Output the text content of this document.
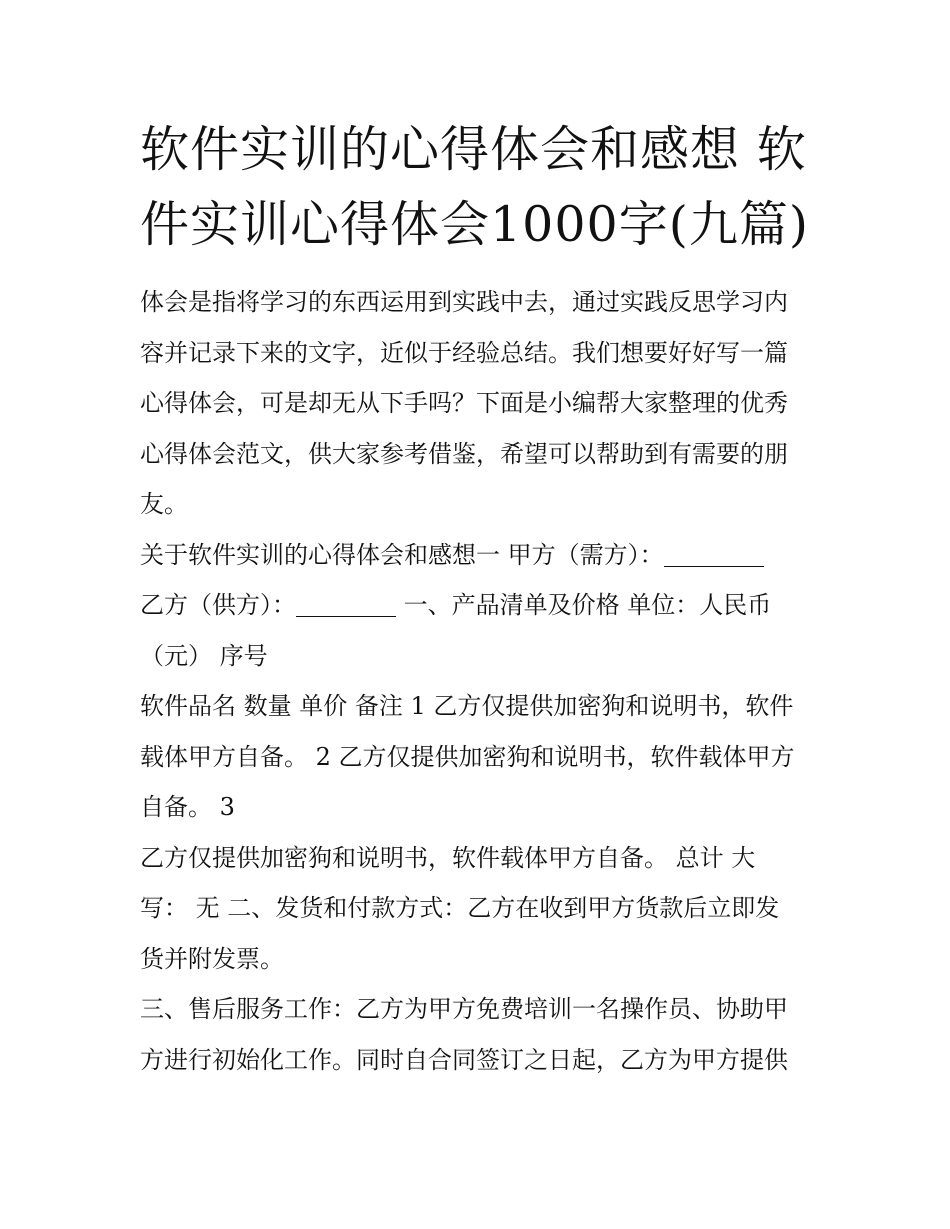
软件实训的心得体会和感想 软
件实训心得体会1000字(九篇)

体会是指将学习的东西运用到实践中去，通过实践反思学习内
容并记录下来的文字，近似于经验总结。我们想要好好写一篇
心得体会，可是却无从下手吗？下面是小编帮大家整理的优秀
心得体会范文，供大家参考借鉴，希望可以帮助到有需要的朋
友。

关于软件实训的心得体会和感想一 甲方（需方）：
乙方（供方）：	一、产品清单及价格 单位：人民币
（元） 序号

软件品名 数量 单价 备注 1 乙方仅提供加密狗和说明书，软件
载体甲方自备。 2 乙方仅提供加密狗和说明书，软件载体甲方
自备。 3

乙方仅提供加密狗和说明书，软件载体甲方自备。 总计 大
写： 无 二、发货和付款方式：乙方在收到甲方货款后立即发
货并附发票。

三、售后服务工作：乙方为甲方免费培训一名操作员、协助甲
方进行初始化工作。同时自合同签订之日起，乙方为甲方提供
